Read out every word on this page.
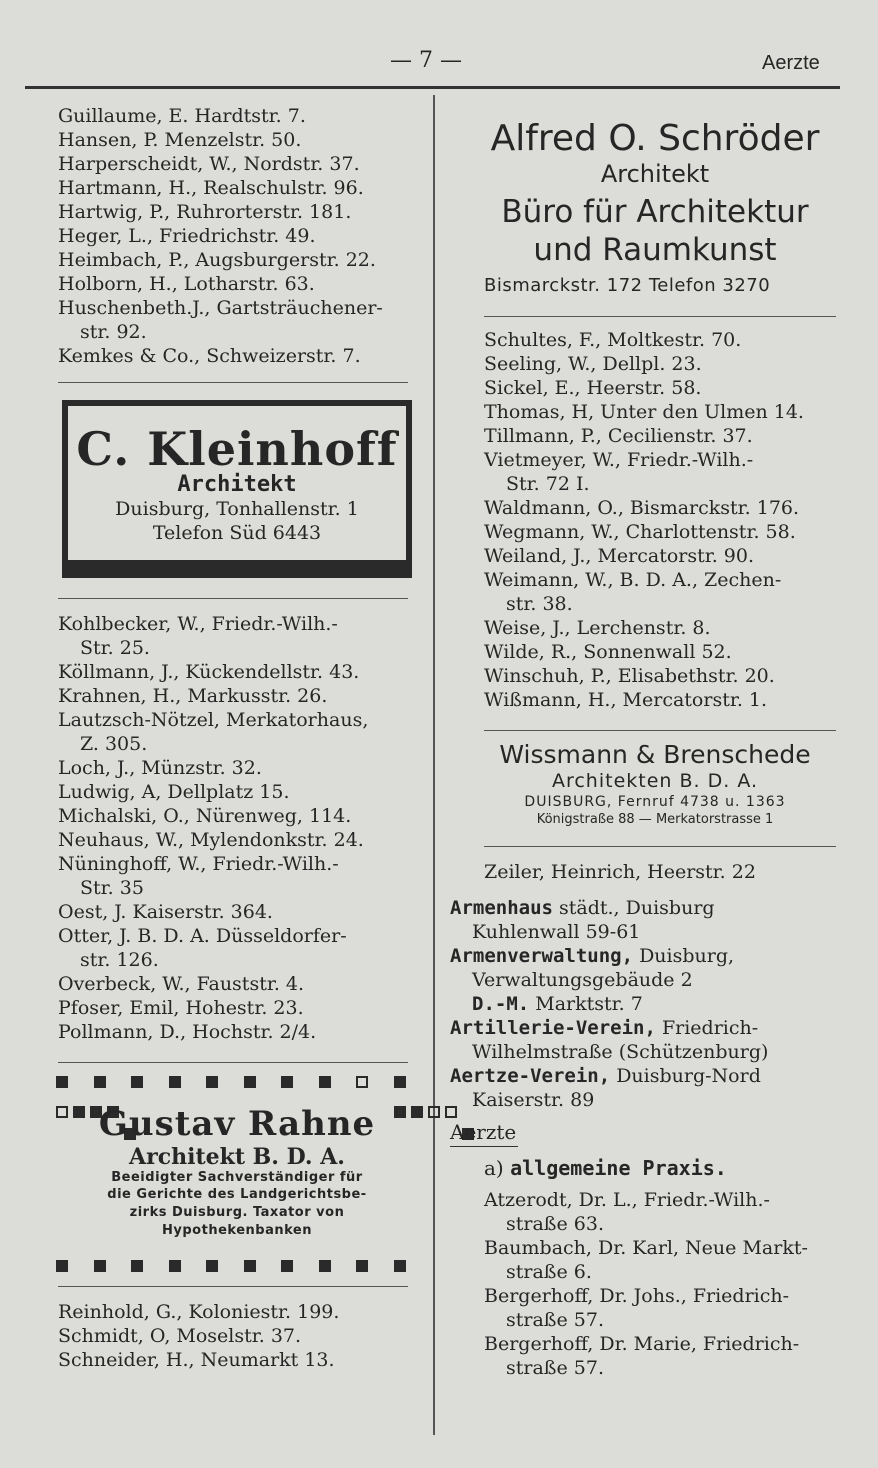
— 7 —	Aerzte
Guillaume, E. Hardtstr. 7.
Hansen, P. Menzelstr. 50.
Harperscheidt, W., Nordstr. 37.
Hartmann, H., Realschulstr. 96.
Hartwig, P., Ruhrorterstr. 181.
Heger, L., Friedrichstr. 49.
Heimbach, P., Augsburgerstr. 22.
Holborn, H., Lotharstr. 63.
Huschenbeth.J., Gartsträuchener-
str. 92.
Kemkes & Co., Schweizerstr. 7.
C. Kleinhoff
Architekt
Duisburg, Tonhallenstr. 1
Telefon Süd 6443
Kohlbecker, W., Friedr.-Wilh.-
Str. 25.
Köllmann, J., Kückendellstr. 43.
Krahnen, H., Markusstr. 26.
Lautzsch-Nötzel, Merkatorhaus,
Z. 305.
Loch, J., Münzstr. 32.
Ludwig, A, Dellplatz 15.
Michalski, O., Nürenweg, 114.
Neuhaus, W., Mylendonkstr. 24.
Nüninghoff, W., Friedr.-Wilh.-
Str. 35
Oest, J. Kaiserstr. 364.
Otter, J. B. D. A. Düsseldorfer-
str. 126.
Overbeck, W., Fauststr. 4.
Pfoser, Emil, Hohestr. 23.
Pollmann, D., Hochstr. 2/4.

Gustav Rahne
Architekt B. D. A.
Beeidigter Sachverständiger für
die Gerichte des Landgerichtsbe-
zirks Duisburg. Taxator von
Hypothekenbanken
Reinhold, G., Koloniestr. 199.
Schmidt, O, Moselstr. 37.
Schneider, H., Neumarkt 13.
Alfred O. Schröder
Architekt
Büro für Architektur
und Raumkunst
Bismarckstr. 172 Telefon 3270
Schultes, F., Moltkestr. 70.
Seeling, W., Dellpl. 23.
Sickel, E., Heerstr. 58.
Thomas, H, Unter den Ulmen 14.
Tillmann, P., Cecilienstr. 37.
Vietmeyer, W., Friedr.-Wilh.-
Str. 72 I.
Waldmann, O., Bismarckstr. 176.
Wegmann, W., Charlottenstr. 58.
Weiland, J., Mercatorstr. 90.
Weimann, W., B. D. A., Zechen-
str. 38.
Weise, J., Lerchenstr. 8.
Wilde, R., Sonnenwall 52.
Winschuh, P., Elisabethstr. 20.
Wißmann, H., Mercatorstr. 1.
Wissmann & Brenschede
Architekten B. D. A.
DUISBURG, Fernruf 4738 u. 1363
Königstraße 88 — Merkatorstrasse 1
Zeiler, Heinrich, Heerstr. 22
Armenhaus städt., Duisburg
Kuhlenwall 59-61
Armenverwaltung, Duisburg,
Verwaltungsgebäude 2
D.-M. Marktstr. 7
Artillerie-Verein, Friedrich-
Wilhelmstraße (Schützenburg)
Aertze-Verein, Duisburg-Nord
Kaiserstr. 89
Aerzte
a) allgemeine Praxis.
Atzerodt, Dr. L., Friedr.-Wilh.-
straße 63.
Baumbach, Dr. Karl, Neue Markt-
straße 6.
Bergerhoff, Dr. Johs., Friedrich-
straße 57.
Bergerhoff, Dr. Marie, Friedrich-
straße 57.
